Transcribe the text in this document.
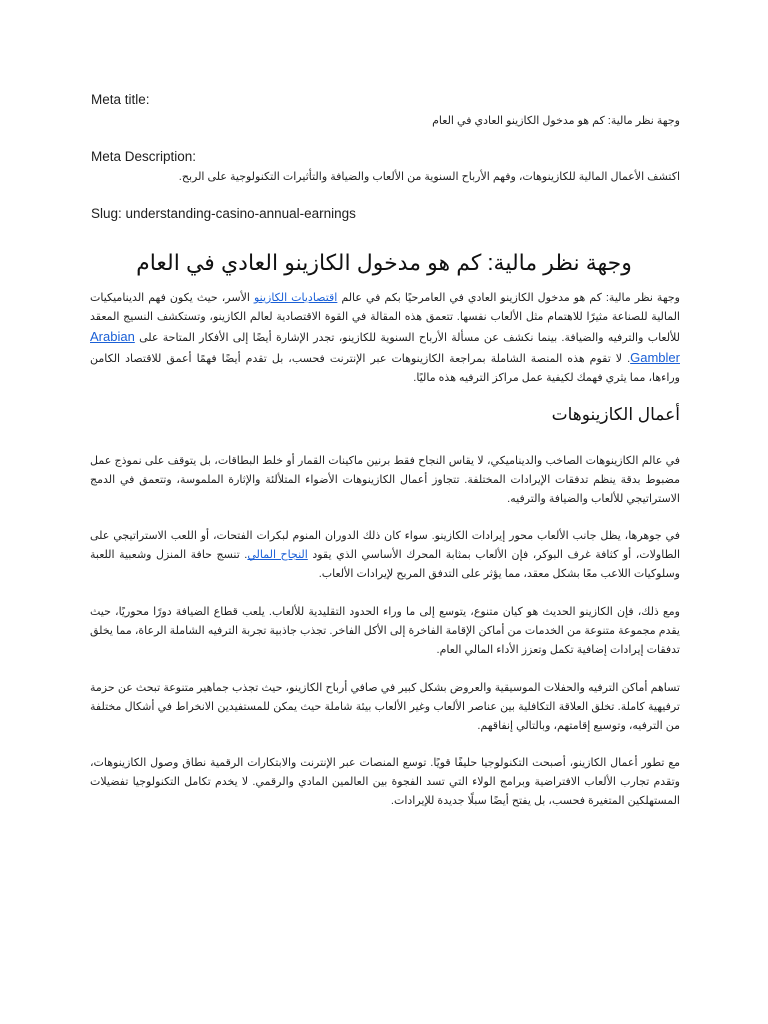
Meta title:
وجهة نظر مالية: كم هو مدخول الكازينو العادي في العام
Meta Description:
اكتشف الأعمال المالية للكازينوهات، وفهم الأرباح السنوية من الألعاب والضيافة والتأثيرات التكنولوجية على الربح.
Slug: understanding-casino-annual-earnings
وجهة نظر مالية: كم هو مدخول الكازينو العادي في العام

وجهة نظر مالية: كم هو مدخول الكازينو العادي في العامرحيًا بكم في عالم اقتصاديات الكازينو الأسر، حيث يكون فهم الديناميكيات المالية للصناعة مثيرًا للاهتمام مثل الألعاب نفسها. تتعمق هذه المقالة في القوة الاقتصادية لعالم الكازينو، وتستكشف النسيج المعقد للألعاب والترفيه والضيافة. بينما نكشف عن مسألة الأرباح السنوية للكازينو، تجدر الإشارة أيضًا إلى الأفكار المتاحة على Arabian Gambler. لا تقوم هذه المنصة الشاملة بمراجعة الكازينوهات عبر الإنترنت فحسب، بل تقدم أيضًا فهمًا أعمق للاقتصاد الكامن وراءها، مما يثري فهمك لكيفية عمل مراكز الترفيه هذه ماليًا.

أعمال الكازينوهات

في عالم الكازينوهات الصاخب والديناميكي، لا يقاس النجاح فقط برنين ماكينات القمار أو خلط البطاقات، بل يتوقف على نموذج عمل مضبوط بدقة ينظم تدفقات الإيرادات المختلفة. تتجاوز أعمال الكازينوهات الأضواء المتلألئة والإثارة الملموسة، وتتعمق في الدمج الاستراتيجي للألعاب والضيافة والترفيه.

في جوهرها، يظل جانب الألعاب محور إيرادات الكازينو. سواء كان ذلك الدوران المنوم لبكرات الفتحات، أو اللعب الاستراتيجي على الطاولات، أو كثافة غرف البوكر، فإن الألعاب بمثابة المحرك الأساسي الذي يقود النجاح المالي. تنسج حافة المنزل وشعبية اللعبة وسلوكيات اللاعب معًا بشكل معقد، مما يؤثر على التدفق المربح لإيرادات الألعاب.

ومع ذلك، فإن الكازينو الحديث هو كيان متنوع، يتوسع إلى ما وراء الحدود التقليدية للألعاب. يلعب قطاع الضيافة دورًا محوريًا، حيث يقدم مجموعة متنوعة من الخدمات من أماكن الإقامة الفاخرة إلى الأكل الفاخر. تجذب جاذبية تجربة الترفيه الشاملة الرعاة، مما يخلق تدفقات إيرادات إضافية تكمل وتعزز الأداء المالي العام.

تساهم أماكن الترفيه والحفلات الموسيقية والعروض بشكل كبير في صافي أرباح الكازينو، حيث تجذب جماهير متنوعة تبحث عن حزمة ترفيهية كاملة. تخلق العلاقة التكافلية بين عناصر الألعاب وغير الألعاب بيئة شاملة حيث يمكن للمستفيدين الانخراط في أشكال مختلفة من الترفيه، وتوسيع إقامتهم، وبالتالي إنفاقهم.

مع تطور أعمال الكازينو، أصبحت التكنولوجيا حليفًا قويًا. توسع المنصات عبر الإنترنت والابتكارات الرقمية نطاق وصول الكازينوهات، وتقدم تجارب الألعاب الافتراضية وبرامج الولاء التي تسد الفجوة بين العالمين المادي والرقمي. لا يخدم تكامل التكنولوجيا تفضيلات المستهلكين المتغيرة فحسب، بل يفتح أيضًا سبلًا جديدة للإيرادات.
